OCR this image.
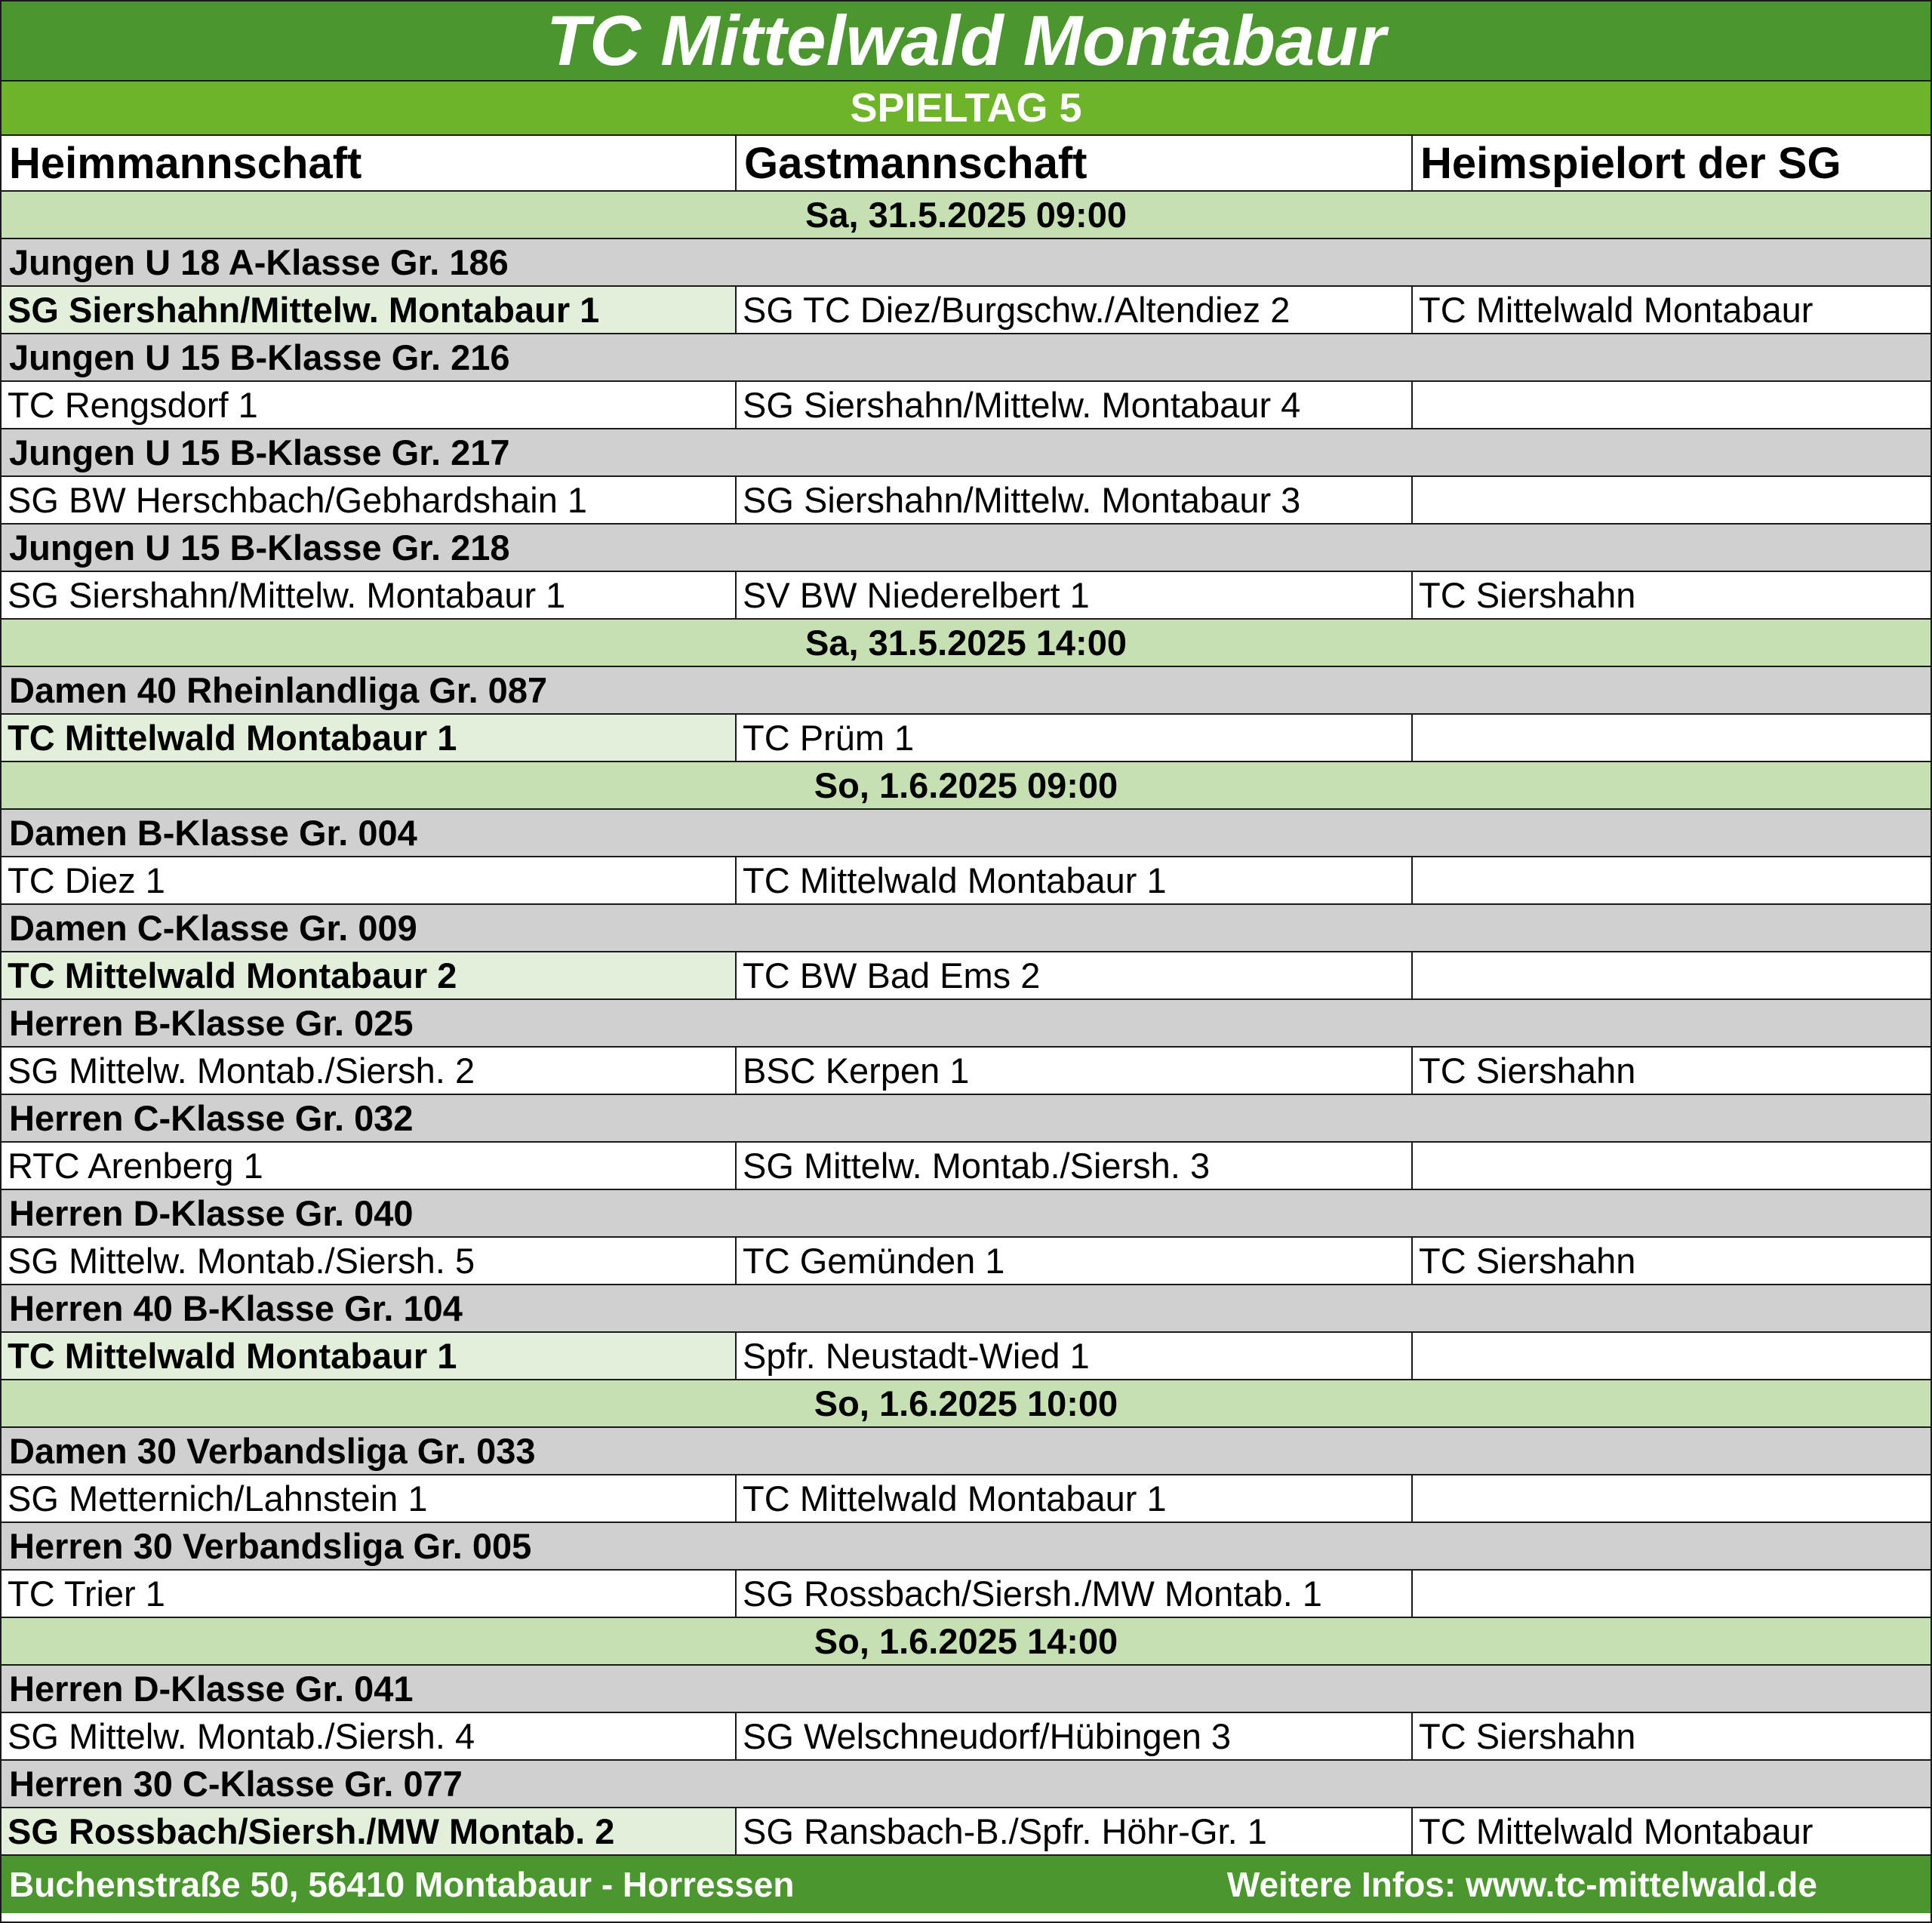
TC Mittelwald Montabaur
SPIELTAG 5
Heimmannschaft	Gastmannschaft	Heimspielort der SG
Sa, 31.5.2025 09:00
Jungen U 18 A-Klasse Gr. 186
SG Siershahn/Mittelw. Montabaur 1	SG TC Diez/Burgschw./Altendiez 2	TC Mittelwald Montabaur
Jungen U 15 B-Klasse Gr. 216
TC Rengsdorf 1	SG Siershahn/Mittelw. Montabaur 4
Jungen U 15 B-Klasse Gr. 217
SG BW Herschbach/Gebhardshain 1	SG Siershahn/Mittelw. Montabaur 3
Jungen U 15 B-Klasse Gr. 218
SG Siershahn/Mittelw. Montabaur 1	SV BW Niederelbert 1	TC Siershahn
Sa, 31.5.2025 14:00
Damen 40 Rheinlandliga Gr. 087
TC Mittelwald Montabaur 1	TC Prüm 1
So, 1.6.2025 09:00
Damen B-Klasse Gr. 004
TC Diez 1	TC Mittelwald Montabaur 1
Damen C-Klasse Gr. 009
TC Mittelwald Montabaur 2	TC BW Bad Ems 2
Herren B-Klasse Gr. 025
SG Mittelw. Montab./Siersh. 2	BSC Kerpen 1	TC Siershahn
Herren C-Klasse Gr. 032
RTC Arenberg 1	SG Mittelw. Montab./Siersh. 3
Herren D-Klasse Gr. 040
SG Mittelw. Montab./Siersh. 5	TC Gemünden 1	TC Siershahn
Herren 40 B-Klasse Gr. 104
TC Mittelwald Montabaur 1	Spfr. Neustadt-Wied 1
So, 1.6.2025 10:00
Damen 30 Verbandsliga Gr. 033
SG Metternich/Lahnstein 1	TC Mittelwald Montabaur 1
Herren 30 Verbandsliga Gr. 005
TC Trier 1	SG Rossbach/Siersh./MW Montab. 1
So, 1.6.2025 14:00
Herren D-Klasse Gr. 041
SG Mittelw. Montab./Siersh. 4	SG Welschneudorf/Hübingen 3	TC Siershahn
Herren 30 C-Klasse Gr. 077
SG Rossbach/Siersh./MW Montab. 2	SG Ransbach-B./Spfr. Höhr-Gr. 1	TC Mittelwald Montabaur
Buchenstraße 50, 56410 Montabaur - Horressen	Weitere Infos: www.tc-mittelwald.de
